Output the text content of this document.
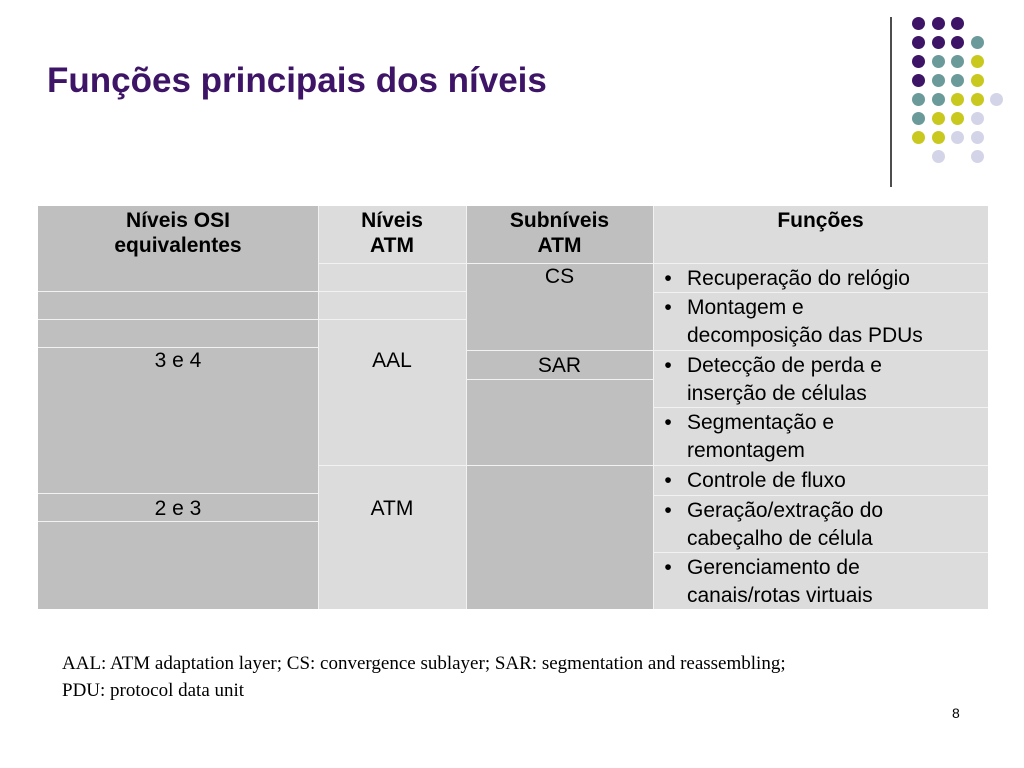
Funções principais dos níveis
Níveis OSI
equivalentes
3 e 4
2 e 3
Níveis
ATM
AAL
ATM
Subníveis
ATM
CS
SAR
Funções
• Recuperação do relógio
• Montagem e
decomposição das PDUs
• Detecção de perda e
inserção de células
• Segmentação e
remontagem
• Controle de fluxo
• Geração/extração do
cabeçalho de célula
• Gerenciamento de
canais/rotas virtuais
AAL: ATM adaptation layer; CS: convergence sublayer; SAR: segmentation and reassembling;
PDU: protocol data unit
8
